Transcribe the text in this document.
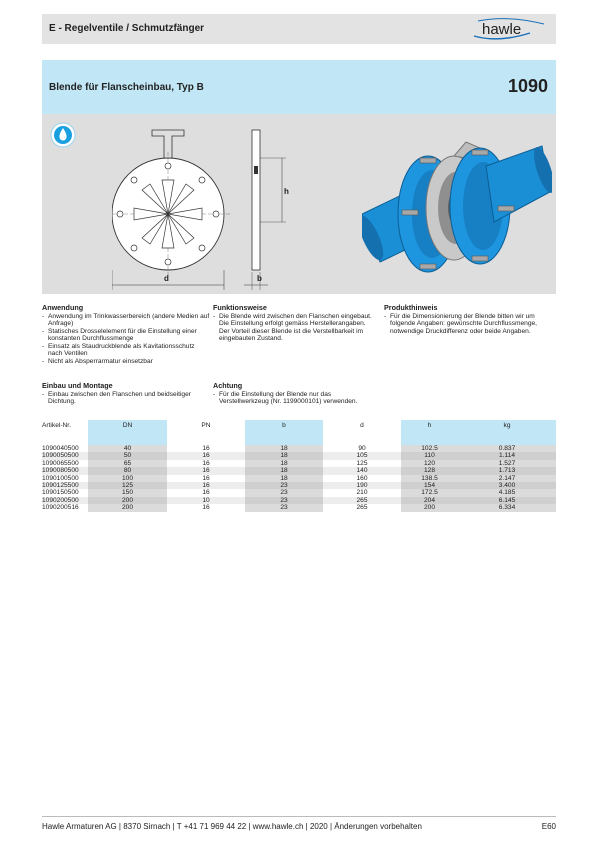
E - Regelventile / Schmutzfänger	hawle
Blende für Flanscheinbau, Typ B	1090
d
h
b
Anwendung
- Anwendung im Trinkwasserbereich (andere Medien auf Anfrage)
- Statisches Drosselelement für die Einstellung einer konstanten Durchflussmenge
- Einsatz als Staudruckblende als Kavitationsschutz nach Ventilen
- Nicht als Absperrarmatur einsetzbar
Einbau und Montage
- Einbau zwischen den Flanschen und beidseitiger Dichtung.
Funktionsweise
- Die Blende wird zwischen den Flanschen eingebaut. Die Einstellung erfolgt gemäss Herstellerangaben. Der Vorteil dieser Blende ist die Verstellbarkeit im eingebauten Zustand.
Achtung
- Für die Einstellung der Blende nur das Verstellwerkzeug (Nr. 1199000101) verwenden.
Produkthinweis
- Für die Dimensionierung der Blende bitten wir um folgende Angaben: gewünschte Durchflussmenge, notwendige Druckdifferenz oder beide Angaben.
Artikel-Nr.	DN	PN	b	d	h	kg
1090040500	40	16	18	90	102.5	0.837
1090050500	50	16	18	105	110	1.114
1090065500	65	16	18	125	120	1.527
1090080500	80	16	18	140	128	1.713
1090100500	100	16	18	160	138.5	2.147
1090125500	125	16	23	190	154	3.400
1090150500	150	16	23	210	172.5	4.185
1090200500	200	10	23	265	204	6.145
1090200516	200	16	23	265	200	6.334
Hawle Armaturen AG | 8370 Sirnach | T +41 71 969 44 22 | www.hawle.ch | 2020 | Änderungen vorbehalten	E60
